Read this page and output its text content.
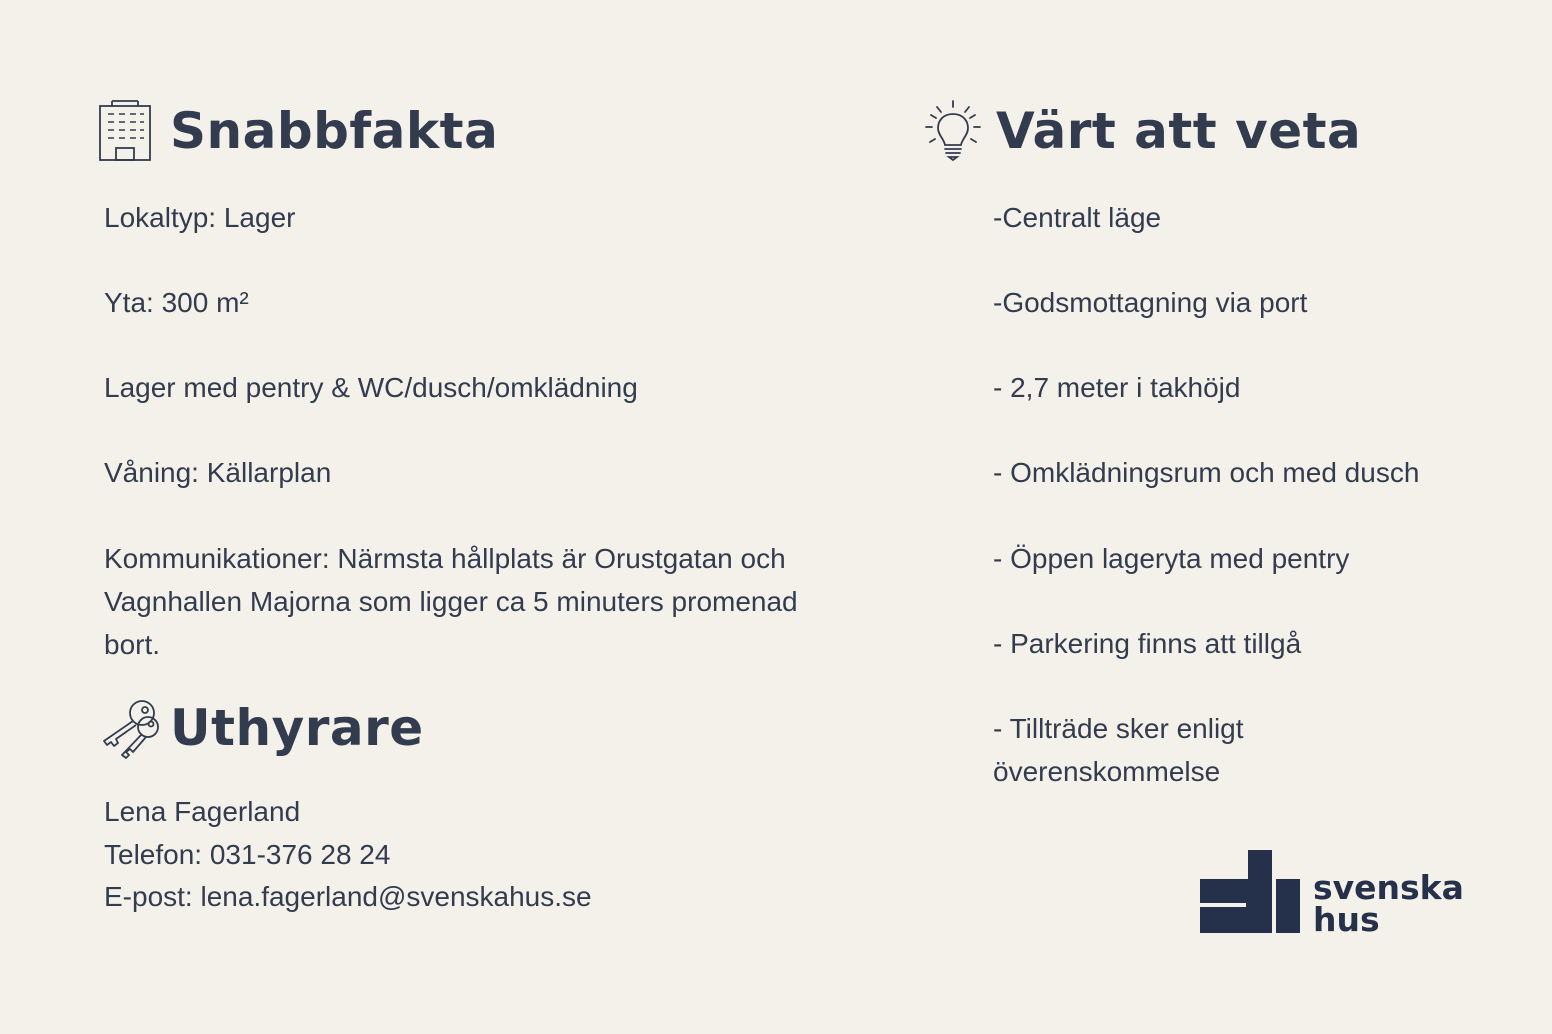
Snabbfakta

Lokaltyp: Lager

Yta: 300 m²

Lager med pentry & WC/dusch/omklädning

Våning: Källarplan

Kommunikationer: Närmsta hållplats är Orustgatan och Vagnhallen Majorna som ligger ca 5 minuters promenad bort.

Uthyrare

Lena Fagerland

Telefon: 031-376 28 24

E-post: lena.fagerland@svenskahus.se

Värt att veta

-Centralt läge

-Godsmottagning via port

- 2,7 meter i takhöjd

- Omklädningsrum och med dusch

- Öppen lageryta med pentry

- Parkering finns att tillgå

- Tillträde sker enligt överenskommelse

svenska
hus
